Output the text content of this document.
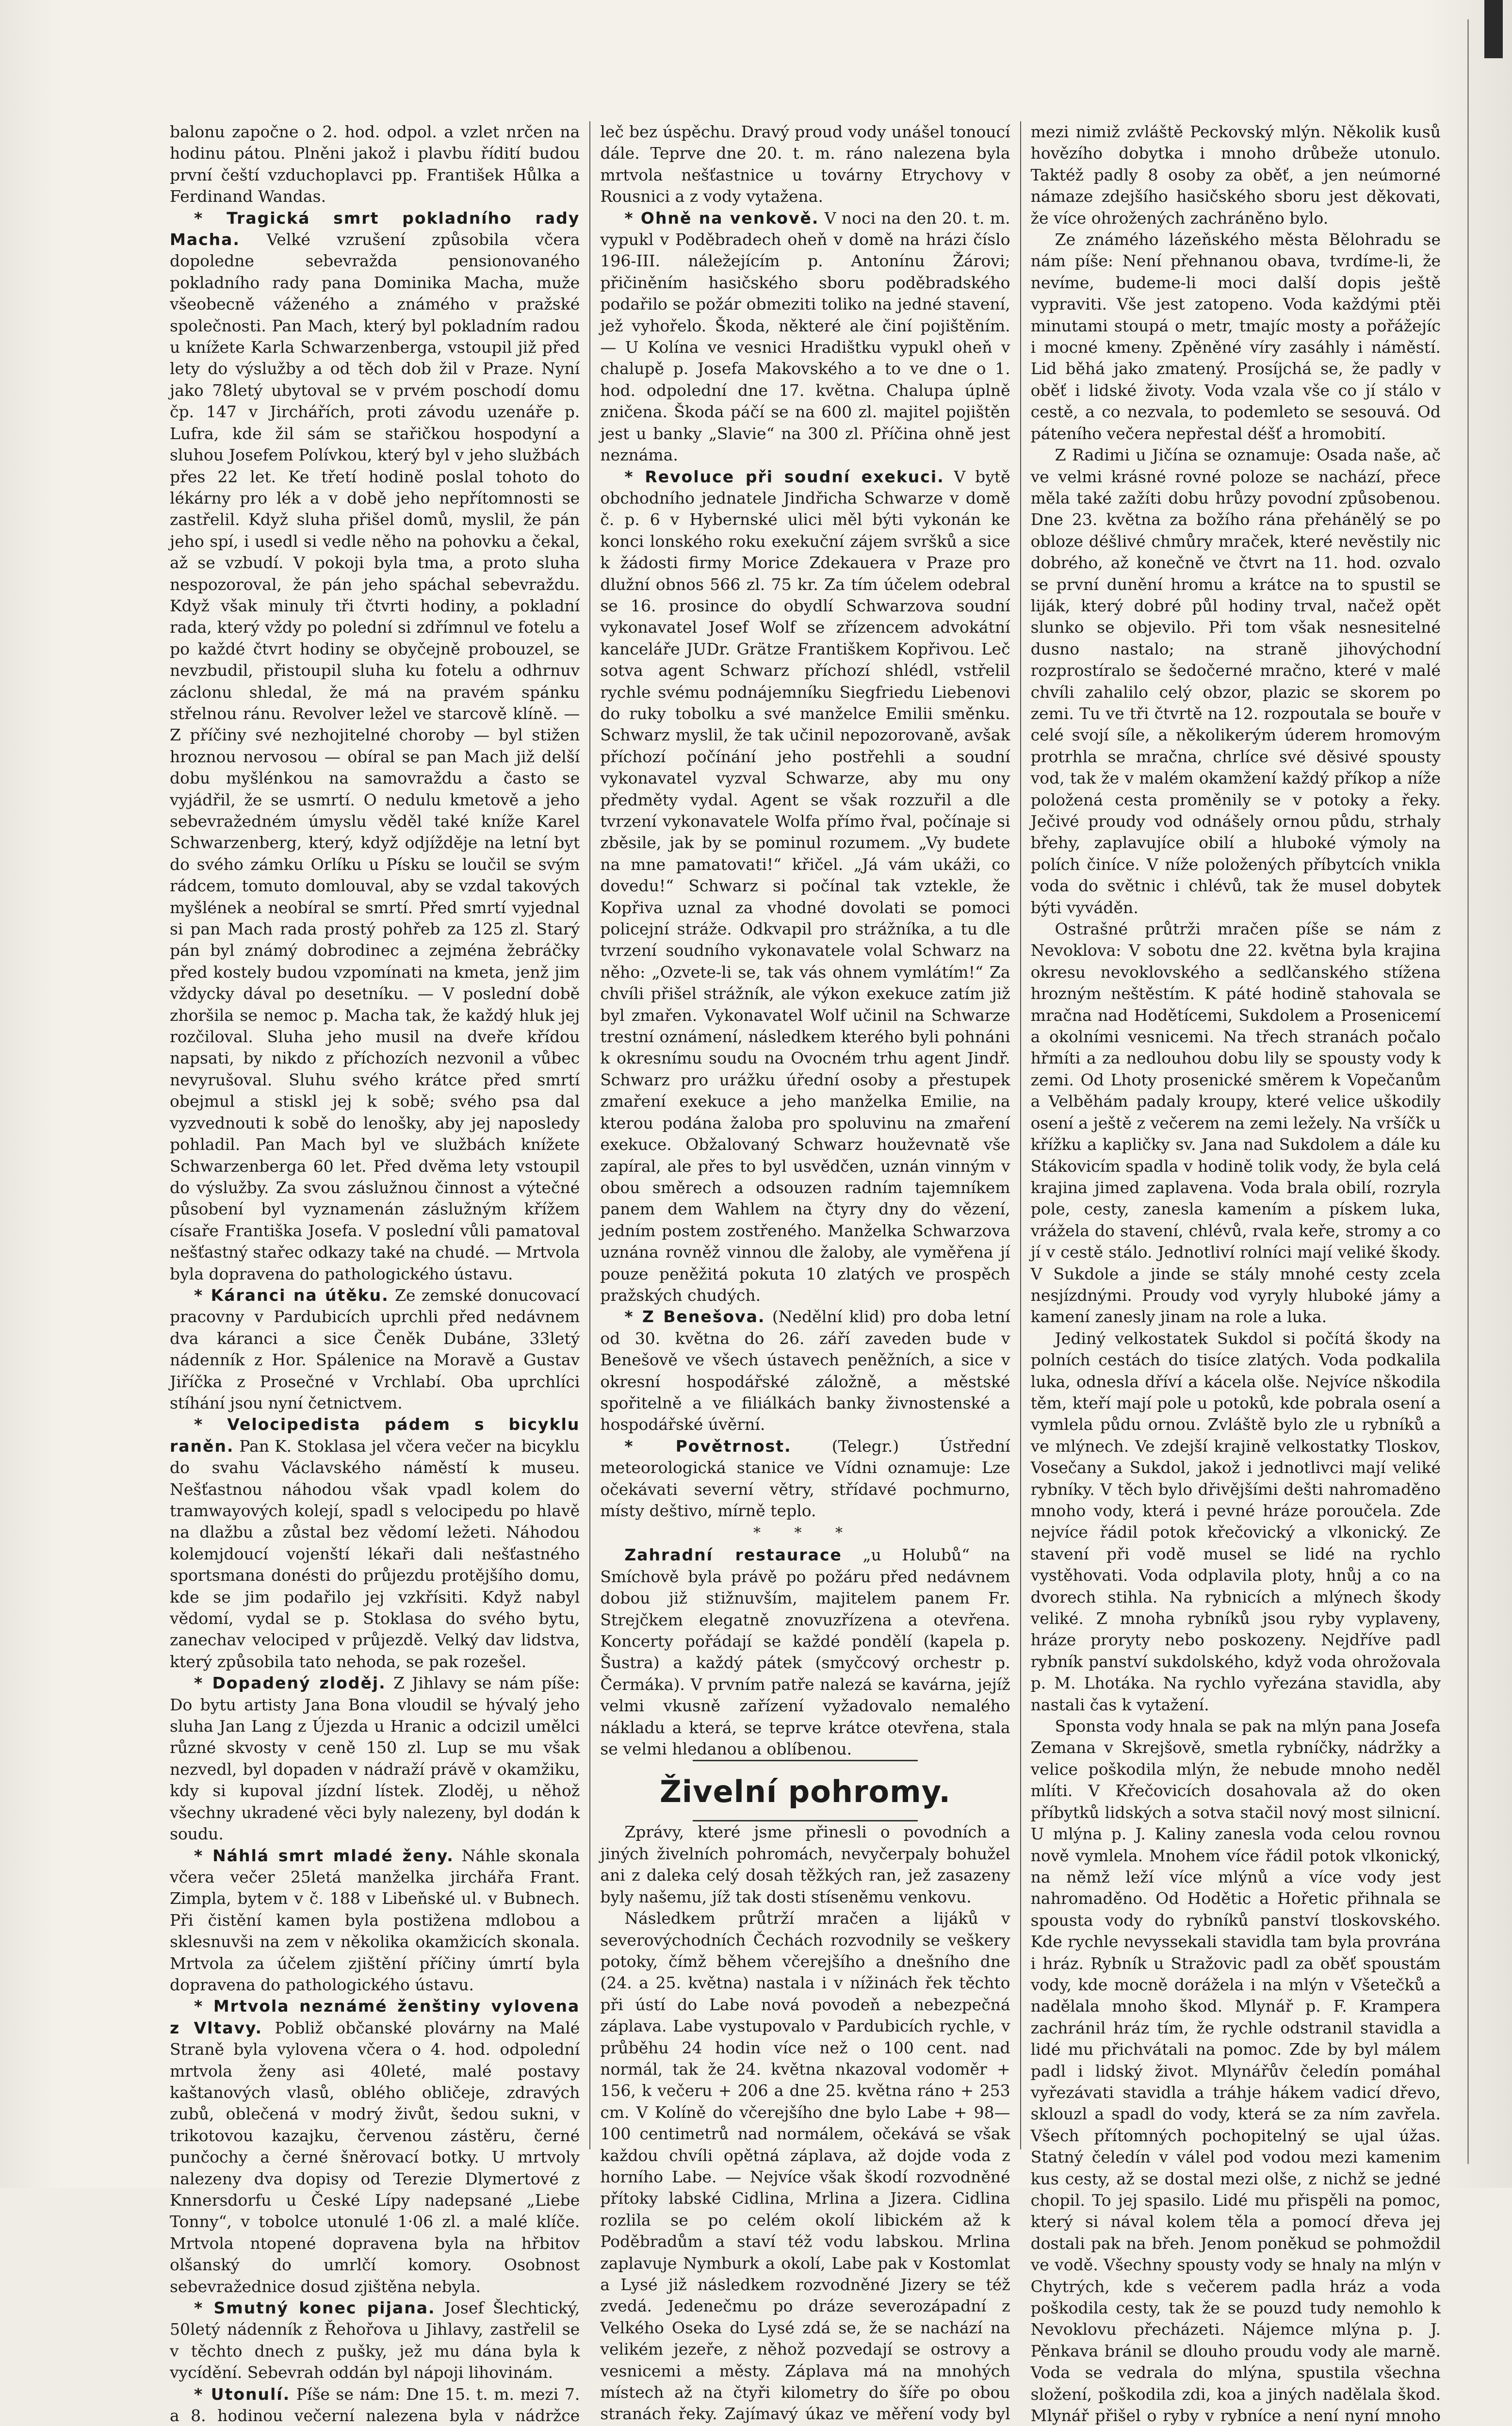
balonu započne o 2. hod. odpol. a vzlet nrčen na hodinu pátou. Plněni jakož i plavbu řídití budou první čeští vzduchoplavci pp. František Hůlka a Ferdinand Wandas.

* Tragická smrt pokladního rady Macha. Velké vzrušení způsobila včera dopoledne sebevražda pensionovaného pokladního rady pana Dominika Macha, muže všeobecně váženého a známého v pražské společnosti. Pan Mach, který byl pokladním radou u knížete Karla Schwarzenberga, vstoupil již před lety do výslužby a od těch dob žil v Praze. Nyní jako 78letý ubytoval se v prvém poschodí domu čp. 147 v Jirchářích, proti závodu uzenáře p. Lufra, kde žil sám se stařičkou hospodyní a sluhou Josefem Polívkou, který byl v jeho službách přes 22 let. Ke třetí hodině poslal tohoto do lékárny pro lék a v době jeho nepřítomnosti se zastřelil. Když sluha přišel domů, myslil, že pán jeho spí, i usedl si vedle něho na pohovku a čekal, až se vzbudí. V pokoji byla tma, a proto sluha nespozoroval, že pán jeho spáchal sebevraždu. Když však minuly tři čtvrti hodiny, a pokladní rada, který vždy po polední si zdřímnul ve fotelu a po každé čtvrt hodiny se obyčejně probouzel, se nevzbudil, přistoupil sluha ku fotelu a odhrnuv záclonu shledal, že má na pravém spánku střelnou ránu. Revolver ležel ve starcově klíně. — Z příčiny své nezhojitelné choroby — byl stižen hroznou nervosou — obíral se pan Mach již delší dobu myšlénkou na samovraždu a často se vyjádřil, že se usmrtí. O nedulu kmetově a jeho sebevražedném úmyslu věděl také kníže Karel Schwarzenberg, který, když odjížděje na letní byt do svého zámku Orlíku u Písku se loučil se svým rádcem, tomuto domlouval, aby se vzdal takových myšlének a neobíral se smrtí. Před smrtí vyjednal si pan Mach rada prostý pohřeb za 125 zl. Starý pán byl známý dobrodinec a zejména žebráčky před kostely budou vzpomínati na kmeta, jenž jim vždycky dával po desetníku. — V poslední době zhoršila se nemoc p. Macha tak, že každý hluk jej rozčiloval. Sluha jeho musil na dveře křídou napsati, by nikdo z příchozích nezvonil a vůbec nevyrušoval. Sluhu svého krátce před smrtí obejmul a stiskl jej k sobě; svého psa dal vyzvednouti k sobě do lenošky, aby jej naposledy pohladil. Pan Mach byl ve službách knížete Schwarzenberga 60 let. Před dvěma lety vstoupil do výslužby. Za svou záslužnou činnost a výtečné působení byl vyznamenán záslužným křížem císaře Františka Josefa. V poslední vůli pamatoval nešťastný stařec odkazy také na chudé. — Mrtvola byla dopravena do pathologického ústavu.

* Káranci na útěku. Ze zemské donucovací pracovny v Pardubicích uprchli před nedávnem dva káranci a sice Čeněk Dubáne, 33letý nádenník z Hor. Spálenice na Moravě a Gustav Jiříčka z Prosečné v Vrchlabí. Oba uprchlíci stíhání jsou nyní četnictvem.

* Velocipedista pádem s bicyklu raněn. Pan K. Stoklasa jel včera večer na bicyklu do svahu Václavského náměstí k museu. Nešťastnou náhodou však vpadl kolem do tramwayových kolejí, spadl s velocipedu po hlavě na dlažbu a zůstal bez vědomí ležeti. Náhodou kolemjdoucí vojenští lékaři dali nešťastného sportsmana donésti do průjezdu protějšího domu, kde se jim podařilo jej vzkřísiti. Když nabyl vědomí, vydal se p. Stoklasa do svého bytu, zanechav velociped v průjezdě. Velký dav lidstva, který způsobila tato nehoda, se pak rozešel.

* Dopadený zloděj. Z Jihlavy se nám píše: Do bytu artisty Jana Bona vloudil se hývalý jeho sluha Jan Lang z Újezda u Hranic a odcizil umělci různé skvosty v ceně 150 zl. Lup se mu však nezvedl, byl dopaden v nádraží právě v okamžiku, kdy si kupoval jízdní lístek. Zloděj, u něhož všechny ukradené věci byly nalezeny, byl dodán k soudu.

* Náhlá smrt mladé ženy. Náhle skonala včera večer 25letá manželka jirchářa Frant. Zimpla, bytem v č. 188 v Libeňské ul. v Bubnech. Při čistění kamen byla postižena mdlobou a sklesnuvši na zem v několika okamžicích skonala. Mrtvola za účelem zjištění příčiny úmrtí byla dopravena do pathologického ústavu.

* Mrtvola neznámé ženštiny vylovena z Vltavy. Pobliž občanské plovárny na Malé Straně byla vylovena včera o 4. hod. odpolední mrtvola ženy asi 40leté, malé postavy kaštanových vlasů, oblého obličeje, zdravých zubů, oblečená v modrý živůt, šedou sukni, v trikotovou kazajku, červenou zástěru, černé punčochy a černé šněrovací botky. U mrtvoly nalezeny dva dopisy od Terezie Dlymertové z Knnersdorfu u České Lípy nadepsané „Liebe Tonny“, v tobolce utonulé 1·06 zl. a malé klíče. Mrtvola ntopené dopravena byla na hřbitov olšanský do umrlčí komory. Osobnost sebevražednice dosud zjištěna nebyla.

* Smutný konec pijana. Josef Šlechtický, 50letý nádenník z Řehořova u Jihlavy, zastřelil se v těchto dnech z pušky, jež mu dána byla k vycídění. Sebevrah oddán byl nápoji lihovinám.

* Utonulí. Píše se nám: Dne 15. t. m. mezi 7. a 8. hodinou večerní nalezena byla v nádržce

leč bez úspěchu. Dravý proud vody unášel tonoucí dále. Teprve dne 20. t. m. ráno nalezena byla mrtvola nešťastnice u továrny Etrychovy v Rousnici a z vody vytažena.

* Ohně na venkově. V noci na den 20. t. m. vypukl v Poděbradech oheň v domě na hrázi číslo 196-III. náležejícím p. Antonínu Žárovi; přičiněním hasičského sboru poděbradského podařilo se požár obmeziti toliko na jedné stavení, jež vyhořelo. Škoda, některé ale činí pojištěním. — U Kolína ve vesnici Hradištku vypukl oheň v chalupě p. Josefa Makovského a to ve dne o 1. hod. odpolední dne 17. května. Chalupa úplně zničena. Škoda páčí se na 600 zl. majitel pojištěn jest u banky „Slavie“ na 300 zl. Příčina ohně jest neznáma.

* Revoluce při soudní exekuci. V bytě obchodního jednatele Jindřicha Schwarze v domě č. p. 6 v Hybernské ulici měl býti vykonán ke konci lonského roku exekuční zájem svršků a sice k žádosti firmy Morice Zdekauera v Praze pro dlužní obnos 566 zl. 75 kr. Za tím účelem odebral se 16. prosince do obydlí Schwarzova soudní vykonavatel Josef Wolf se zřízencem advokátní kanceláře JUDr. Grätze Františkem Kopřivou. Leč sotva agent Schwarz příchozí shlédl, vstřelil rychle svému podnájemníku Siegfriedu Liebenovi do ruky tobolku a své manželce Emilii směnku. Schwarz myslil, že tak učinil nepozorovaně, avšak příchozí počínání jeho postřehli a soudní vykonavatel vyzval Schwarze, aby mu ony předměty vydal. Agent se však rozzuřil a dle tvrzení vykonavatele Wolfa přímo řval, počínaje si zběsile, jak by se pominul rozumem. „Vy budete na mne pamatovati!“ křičel. „Já vám ukáži, co dovedu!“ Schwarz si počínal tak vztekle, že Kopřiva uznal za vhodné dovolati se pomoci policejní stráže. Odkvapil pro strážníka, a tu dle tvrzení soudního vykonavatele volal Schwarz na něho: „Ozvete-li se, tak vás ohnem vymlátím!“ Za chvíli přišel strážník, ale výkon exekuce zatím již byl zmařen. Vykonavatel Wolf učinil na Schwarze trestní oznámení, následkem kterého byli pohnáni k okresnímu soudu na Ovocném trhu agent Jindř. Schwarz pro urážku úřední osoby a přestupek zmaření exekuce a jeho manželka Emilie, na kterou podána žaloba pro spoluvinu na zmaření exekuce. Obžalovaný Schwarz houževnatě vše zapíral, ale přes to byl usvědčen, uznán vinným v obou směrech a odsouzen radním tajemníkem panem dem Wahlem na čtyry dny do vězení, jedním postem zostřeného. Manželka Schwarzova uznána rovněž vinnou dle žaloby, ale vyměřena jí pouze peněžitá pokuta 10 zlatých ve prospěch pražských chudých.

* Z Benešova. (Nedělní klid) pro doba letní od 30. května do 26. září zaveden bude v Benešově ve všech ústavech peněžních, a sice v okresní hospodářské záložně, a městské spořitelně a ve filiálkách banky živnostenské a hospodářské úvěrní.

* Povětrnost.	(Telegr.) Ústřední meteorologická stanice ve Vídni oznamuje: Lze očekávati severní větry, střídavé pochmurno, místy deštivo, mírně teplo.

* * *

Zahradní restaurace „u Holubů“ na Smíchově byla právě po požáru před nedávnem dobou již stižnuvším, majitelem panem Fr. Strejčkem elegatně znovuzřízena a otevřena. Koncerty pořádají se každé pondělí (kapela p. Šustra) a každý pátek (smyčcový orchestr p. Čermáka). V prvním patře nalezá se kavárna, jejíž velmi vkusně zařízení vyžadovalo nemalého nákladu a která, se teprve krátce otevřena, stala se velmi hledanou a oblíbenou.

Živelní pohromy.

Zprávy, které jsme přinesli o povodních a jiných živelních pohromách, nevyčerpaly bohužel ani z daleka celý dosah těžkých ran, jež zasazeny byly našemu, jíž tak dosti stíseněmu venkovu.

Následkem průtrží mračen a lijáků v severovýchodních Čechách rozvodnily se veškery potoky, čímž během včerejšího a dnešního dne (24. a 25. května) nastala i v nížinách řek těchto při ústí do Labe nová povodeň a nebezpečná záplava. Labe vystupovalo v Pardubicích rychle, v průběhu 24 hodin více než o 100 cent. nad normál, tak že 24. května nkazoval vodoměr + 156, k večeru + 206 a dne 25. května ráno + 253 cm. V Kolíně do včerejšího dne bylo Labe + 98—100 centimetrů nad normálem, očekává se však každou chvíli opětná záplava, až dojde voda z horního Labe. — Nejvíce však škodí rozvodněné přítoky labské Cidlina, Mrlina a Jizera. Cidlina rozlila se po celém okolí libickém až k Poděbradům a staví též vodu labskou. Mrlina zaplavuje Nymburk a okolí, Labe pak v Kostomlat a Lysé již následkem rozvodněné Jizery se též zvedá. Jedenečmu po dráze severozápadní z Velkého Oseka do Lysé zdá se, že se nachází na velikém jezeře, z něhož pozvedají se ostrovy a vesnicemi a městy. Záplava má na mnohých místech až na čtyři kilometry do šíře po obou stranách řeky. Zajímavý úkaz ve měření vody byl

mezi nimiž zvláště Peckovský mlýn. Několik kusů hovězího dobytka i mnoho drůbeže utonulo. Taktéž padly 8 osoby za oběť, a jen neúmorné námaze zdejšího hasičského sboru jest děkovati, že více ohrožených zachráněno bylo.

Ze známého lázeňského města Bělohradu se nám píše: Není přehnanou obava, tvrdíme-li, že nevíme, budeme-li moci další dopis ještě vypraviti. Vše jest zatopeno. Voda každými ptěi minutami stoupá o metr, tmajíc mosty a pořážejíc i mocné kmeny. Zpěněné víry zasáhly i náměstí. Lid běhá jako zmatený. Prosíjchá se, že padly v oběť i lidské životy. Voda vzala vše co jí stálo v cestě, a co nezvala, to podemleto se sesouvá. Od páteního večera nepřestal déšť a hromobití.

Z Radimi u Jičína se oznamuje: Osada naše, ač ve velmi krásné rovné poloze se nachází, přece měla také zažíti dobu hrůzy povodní způsobenou. Dne 23. května za božího rána přehánělý se po obloze déšlivé chmůry mraček, které nevěstily nic dobrého, až konečně ve čtvrt na 11. hod. ozvalo se první dunění hromu a krátce na to spustil se liják, který dobré půl hodiny trval, načež opět slunko se objevilo. Při tom však nesnesitelné dusno nastalo; na straně jihovýchodní rozprostíralo se šedočerné mračno, které v malé chvíli zahalilo celý obzor, plazic se skorem po zemi. Tu ve tři čtvrtě na 12. rozpoutala se bouře v celé svojí síle, a několikerým úderem hromovým protrhla se mračna, chrlíce své děsivé spousty vod, tak že v malém okamžení každý příkop a níže položená cesta proměnily se v potoky a řeky. Ječivé proudy vod odnášely ornou půdu, strhaly břehy, zaplavujíce obilí a hluboké výmoly na polích činíce. V níže položených příbytcích vnikla voda do světnic i chlévů, tak že musel dobytek býti vyváděn.

Ostrašné průtrži mračen píše se nám z Nevoklova: V sobotu dne 22. května byla krajina okresu nevoklovského a sedlčanského stížena hrozným neštěstím. K páté hodině stahovala se mračna nad Hodětícemi, Sukdolem a Prosenicemí a okolními vesnicemi. Na třech stranách počalo hřmíti a za nedlouhou dobu lily se spousty vody k zemi. Od Lhoty prosenické směrem k Vopečanům a Velběhám padaly kroupy, které velice uškodily osení a ještě z večerem na zemi ležely. Na vršíčk u křížku a kapličky sv. Jana nad Sukdolem a dále ku Stákovicím spadla v hodině tolik vody, že byla celá krajina jimed zaplavena. Voda brala obilí, rozryla pole, cesty, zanesla kamením a pískem luka, vrážela do stavení, chlévů, rvala keře, stromy a co jí v cestě stálo. Jednotliví rolníci mají veliké škody. V Sukdole a jinde se stály mnohé cesty zcela nesjízdnými. Proudy vod vyryly hluboké jámy a kamení zanesly jinam na role a luka.

Jediný velkostatek Sukdol si počítá škody na polních cestách do tisíce zlatých. Voda podkalila luka, odnesla dříví a kácela olše. Nejvíce nškodila těm, kteří mají pole u potoků, kde pobrala osení a vymlela půdu ornou. Zvláště bylo zle u rybníků a ve mlýnech. Ve zdejší krajině velkostatky Tloskov, Vosečany a Sukdol, jakož i jednotlivci mají veliké rybníky. V těch bylo dřivějšími dešti nahromaděno mnoho vody, která i pevné hráze poroučela. Zde nejvíce řádil potok křečovický a vlkonický. Ze stavení při vodě musel se lidé na rychlo vystěhovati. Voda odplavila ploty, hnůj a co na dvorech stihla. Na rybnicích a mlýnech škody veliké. Z mnoha rybníků jsou ryby vyplaveny, hráze proryty nebo poskozeny. Nejdříve padl rybník panství sukdolského, když voda ohrožovala p. M. Lhotáka. Na rychlo vyřezána stavidla, aby nastali čas k vytažení.

Sponsta vody hnala se pak na mlýn pana Josefa Zemana v Skrejšově, smetla rybníčky, nádržky a velice poškodila mlýn, že nebude mnoho neděl mlíti. V Křečovicích dosahovala až do oken příbytků lidských a sotva stačil nový most silnicní. U mlýna p. J. Kaliny zanesla voda celou rovnou nově vymlela. Mnohem více řádil potok vlkonický, na němž leží více mlýnů a více vody jest nahromaděno. Od Hodětic a Hořetic přihnala se spousta vody do rybníků panství tloskovského. Kde rychle nevyssekali stavidla tam byla provrána i hráz. Rybník u Stražovic padl za oběť spoustám vody, kde mocně dorážela i na mlýn v Všetečků a nadělala mnoho škod. Mlynář p. F. Krampera zachránil hráz tím, že rychle odstranil stavidla a lidé mu přichvátali na pomoc. Zde by byl málem padl i lidský život. Mlynářův čeledín pomáhal vyřezávati stavidla a tráhje hákem vadicí dřevo, sklouzl a spadl do vody, která se za ním zavřela. Všech přítomných pochopitelný se ujal úžas. Statný čeledín v válel pod vodou mezi kamenim kus cesty, až se dostal mezi olše, z nichž se jedné chopil. To jej spasilo. Lidé mu přispěli na pomoc, který si nával kolem těla a pomocí dřeva jej dostali pak na břeh. Jenom poněkud se pohmoždil ve vodě. Všechny spousty vody se hnaly na mlýn v Chytrých, kde s večerem padla hráz a voda poškodila cesty, tak že se pouzd tudy nemohlo k Nevoklovu přecházeti. Nájemce mlýna p. J. Pěnkava bránil se dlouho proudu vody ale marně. Voda se vedrala do mlýna, spustila všechna složení, poškodila zdi, koa a jiných nadělala škod. Mlynář přišel o ryby v rybníce a není nyní mnoho
